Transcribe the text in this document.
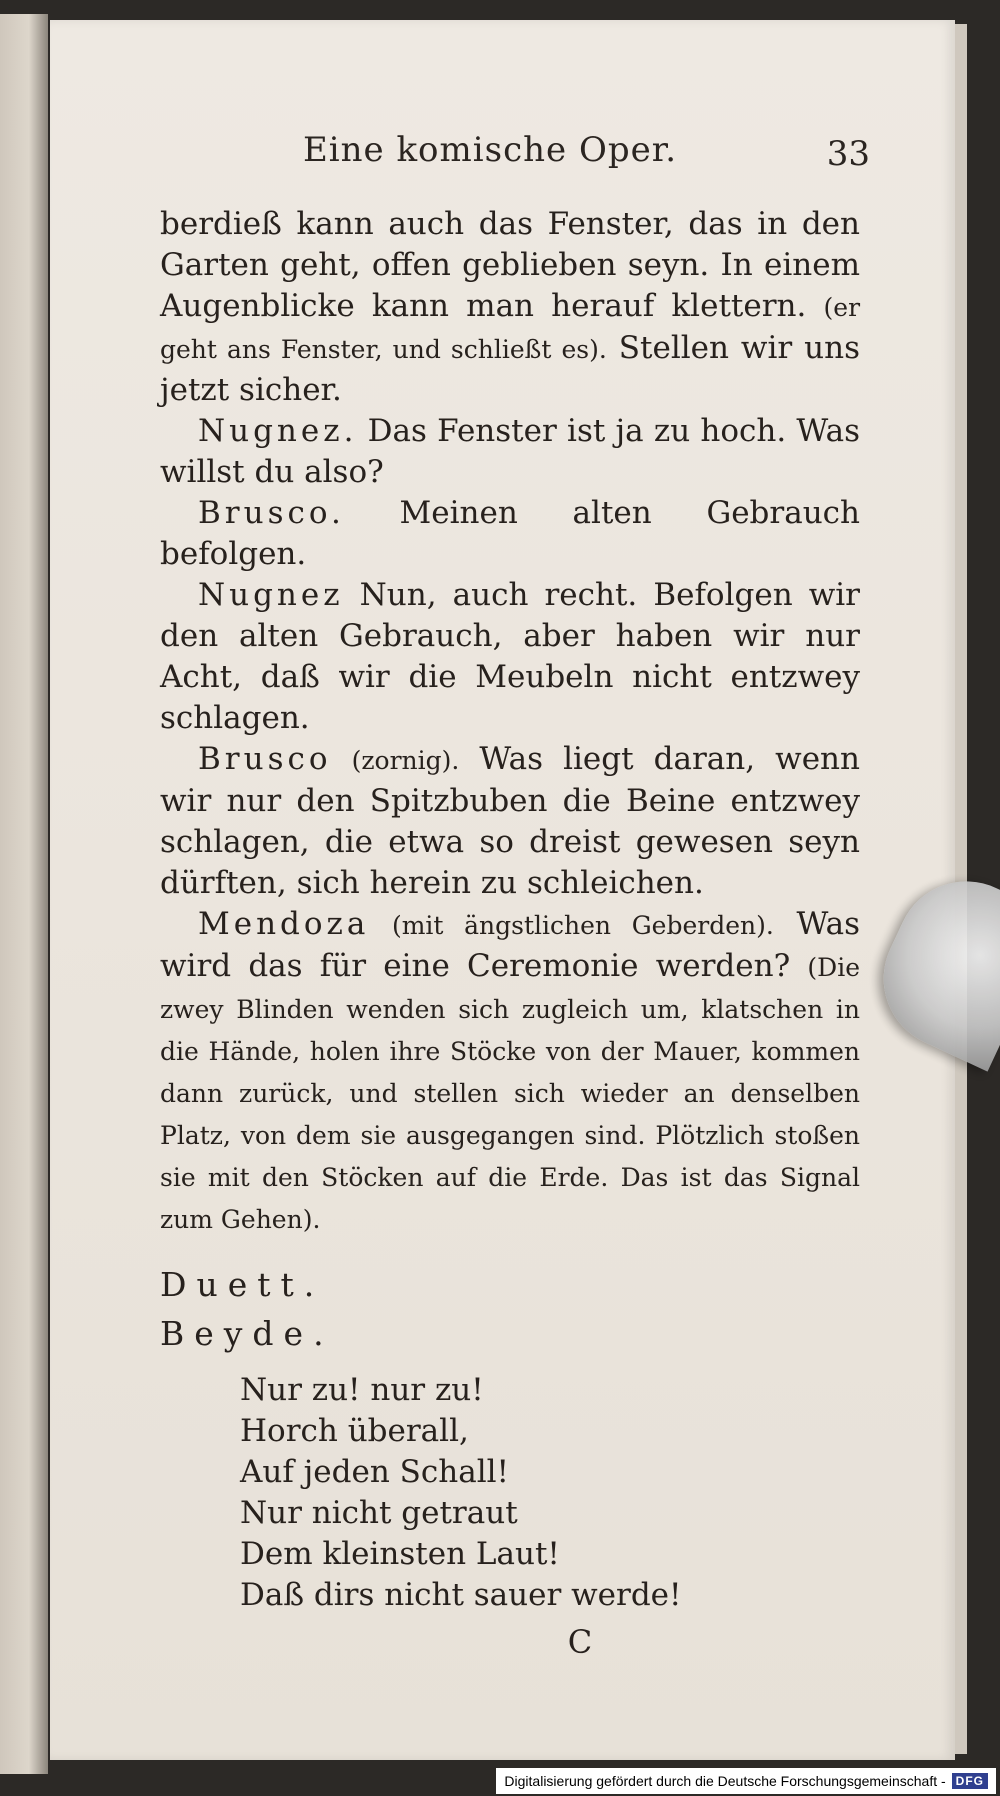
Eine komische Oper.	33

berdieß kann auch das Fenster, das in den Garten geht, offen geblieben seyn. In einem Augenblicke kann man herauf klettern. (er geht ans Fenster, und schließt es). Stellen wir uns jetzt sicher.

Nugnez. Das Fenster ist ja zu hoch. Was willst du also?

Brusco. Meinen alten Gebrauch befolgen.

Nugnez Nun, auch recht. Befolgen wir den alten Gebrauch, aber haben wir nur Acht, daß wir die Meubeln nicht entzwey schlagen.

Brusco (zornig). Was liegt daran, wenn wir nur den Spitzbuben die Beine entzwey schlagen, die etwa so dreist gewesen seyn dürften, sich herein zu schleichen.

Mendoza (mit ängstlichen Geberden). Was wird das für eine Ceremonie werden? (Die zwey Blinden wenden sich zugleich um, klatschen in die Hände, holen ihre Stöcke von der Mauer, kommen dann zurück, und stellen sich wieder an denselben Platz, von dem sie ausgegangen sind. Plötzlich stoßen sie mit den Stöcken auf die Erde. Das ist das Signal zum Gehen).

Duett.

Beyde.

Nur zu! nur zu!
Horch überall,
Auf jeden Schall!
Nur nicht getraut
Dem kleinsten Laut!
Daß dirs nicht sauer werde!
C
Digitalisierung gefördert durch die Deutsche Forschungsgemeinschaft - DFG
